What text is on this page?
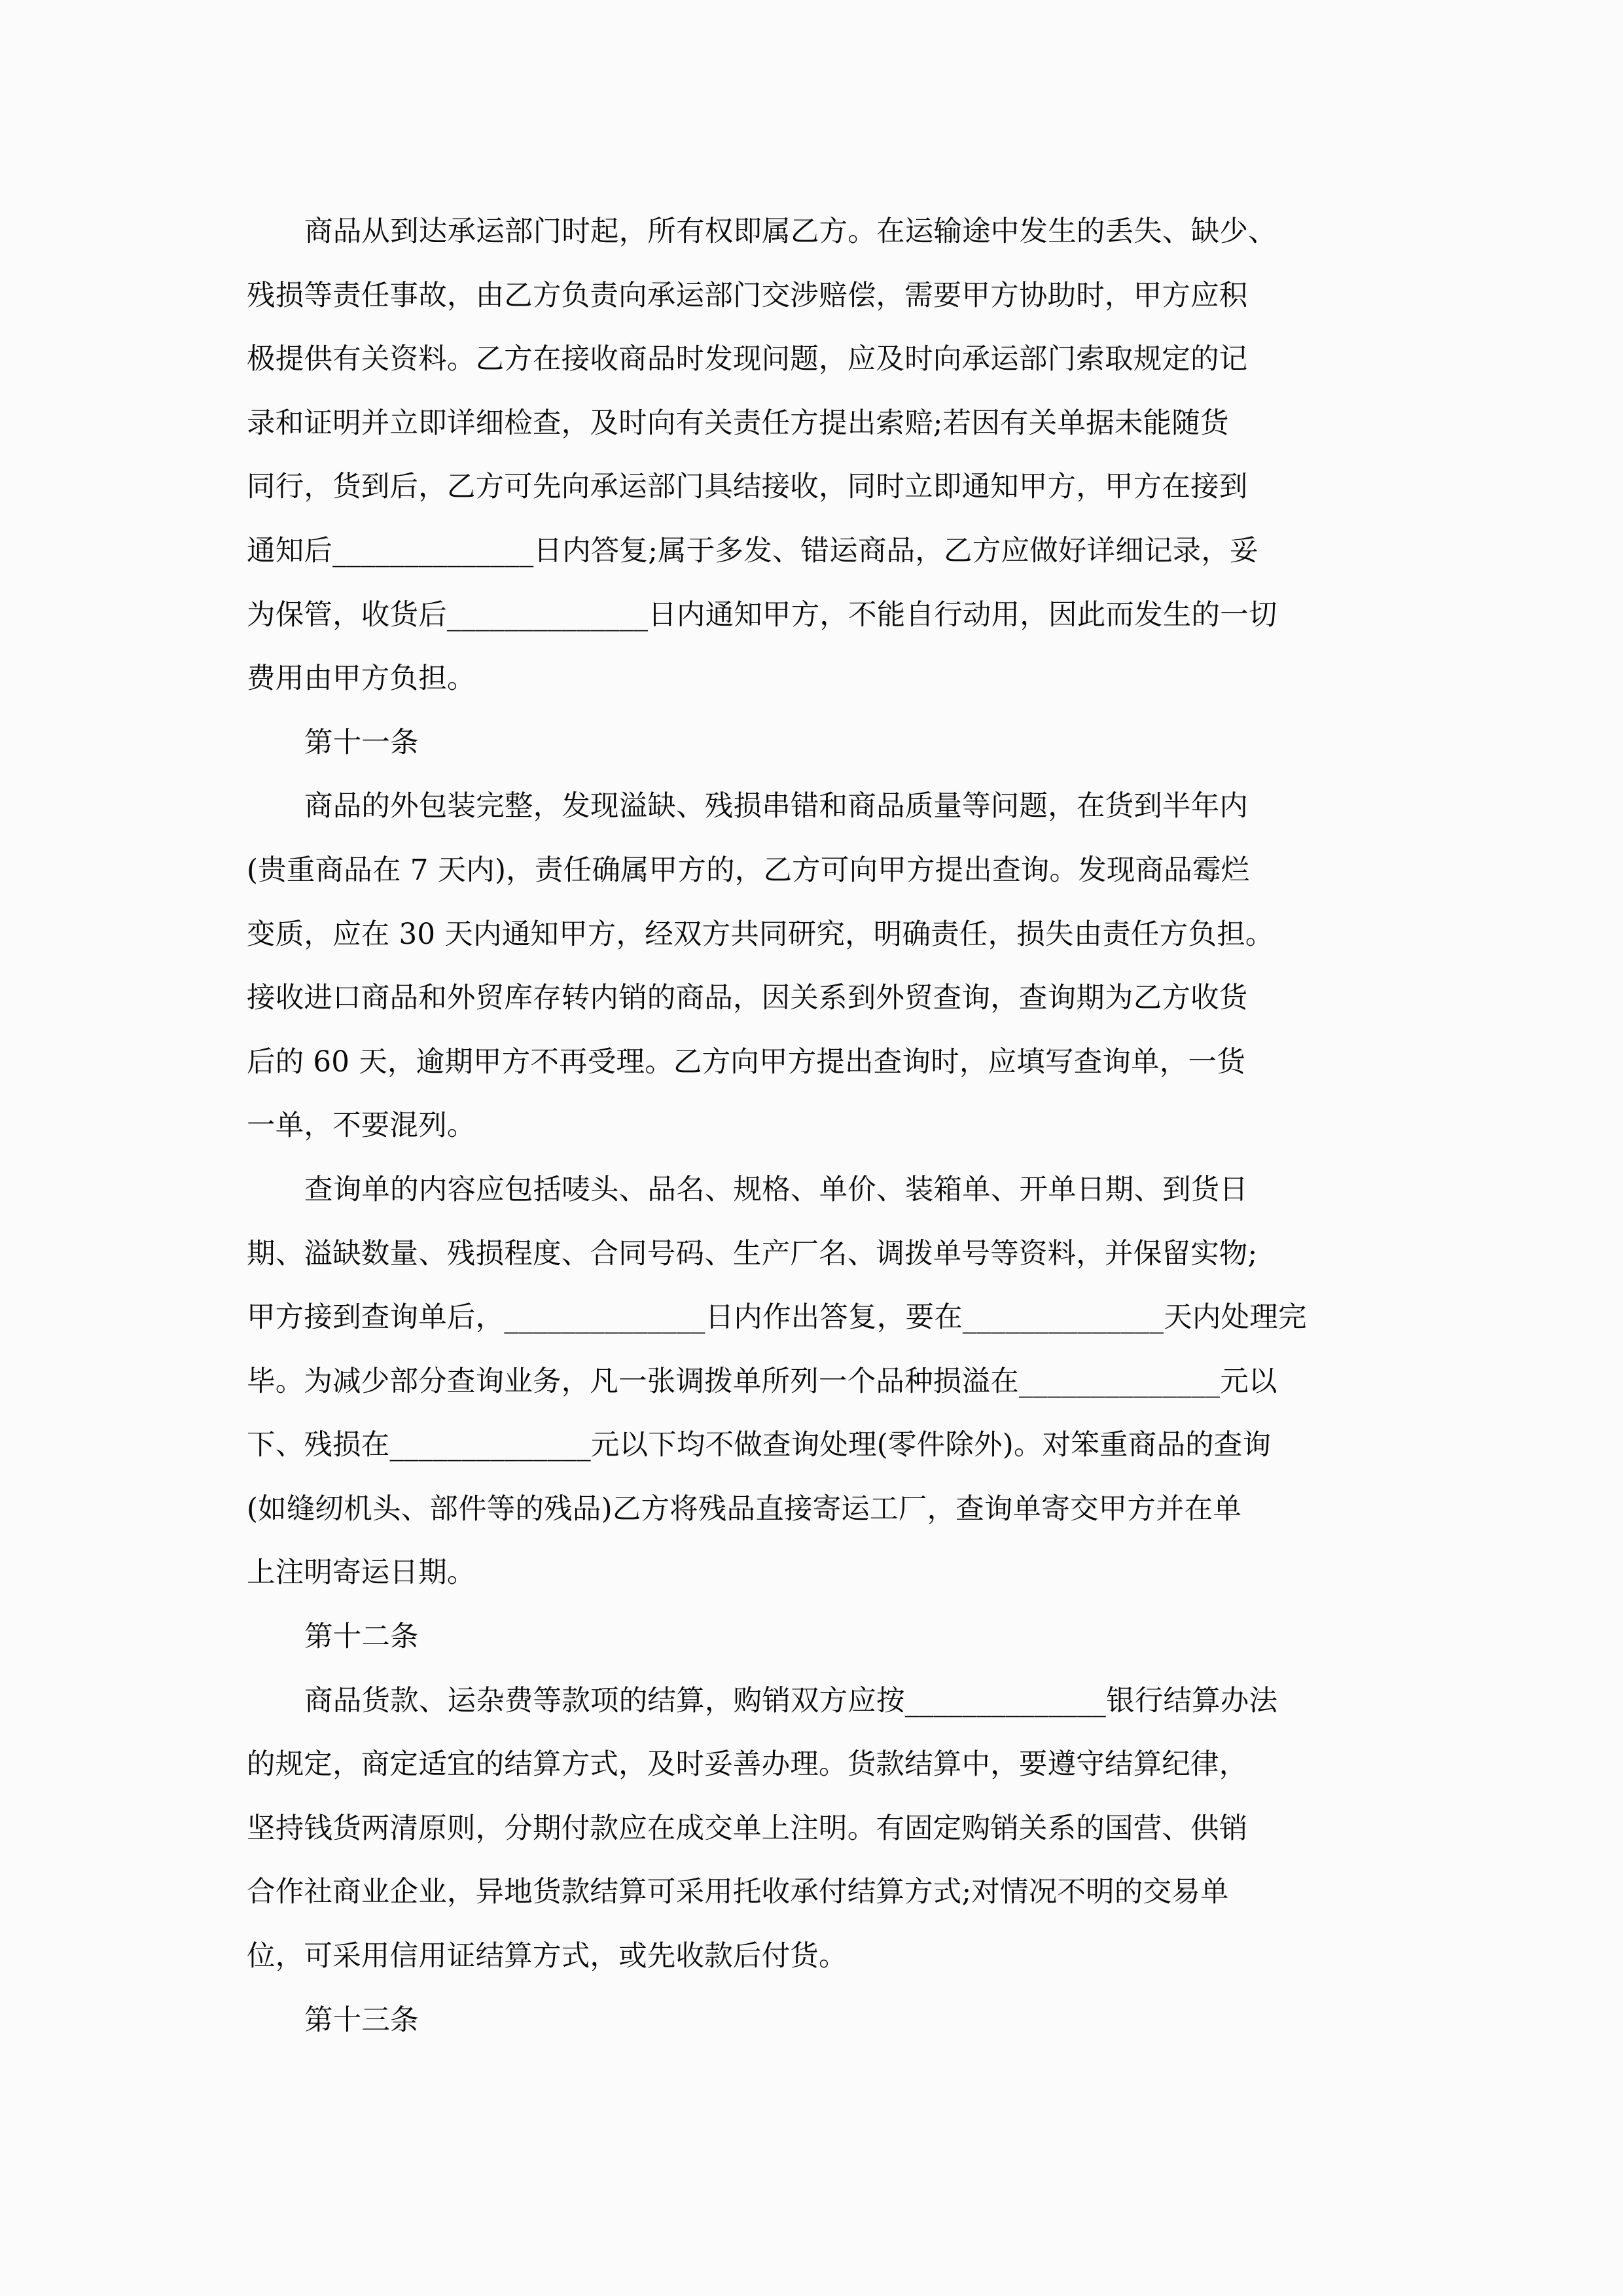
商品从到达承运部门时起，所有权即属乙方。在运输途中发生的丢失、缺少、
残损等责任事故，由乙方负责向承运部门交涉赔偿，需要甲方协助时，甲方应积
极提供有关资料。乙方在接收商品时发现问题，应及时向承运部门索取规定的记
录和证明并立即详细检查，及时向有关责任方提出索赔;若因有关单据未能随货
同行，货到后，乙方可先向承运部门具结接收，同时立即通知甲方，甲方在接到
通知后______________日内答复;属于多发、错运商品，乙方应做好详细记录，妥
为保管，收货后______________日内通知甲方，不能自行动用，因此而发生的一切
费用由甲方负担。
第十一条
商品的外包装完整，发现溢缺、残损串错和商品质量等问题，在货到半年内
(贵重商品在 7 天内)，责任确属甲方的，乙方可向甲方提出查询。发现商品霉烂
变质，应在 30 天内通知甲方，经双方共同研究，明确责任，损失由责任方负担。
接收进口商品和外贸库存转内销的商品，因关系到外贸查询，查询期为乙方收货
后的 60 天，逾期甲方不再受理。乙方向甲方提出查询时，应填写查询单，一货
一单，不要混列。
查询单的内容应包括唛头、品名、规格、单价、装箱单、开单日期、到货日
期、溢缺数量、残损程度、合同号码、生产厂名、调拨单号等资料，并保留实物;
甲方接到查询单后，______________日内作出答复，要在______________天内处理完
毕。为减少部分查询业务，凡一张调拨单所列一个品种损溢在______________元以
下、残损在______________元以下均不做查询处理(零件除外)。对笨重商品的查询
(如缝纫机头、部件等的残品)乙方将残品直接寄运工厂，查询单寄交甲方并在单
上注明寄运日期。
第十二条
商品货款、运杂费等款项的结算，购销双方应按______________银行结算办法
的规定，商定适宜的结算方式，及时妥善办理。货款结算中，要遵守结算纪律，
坚持钱货两清原则，分期付款应在成交单上注明。有固定购销关系的国营、供销
合作社商业企业，异地货款结算可采用托收承付结算方式;对情况不明的交易单
位，可采用信用证结算方式，或先收款后付货。
第十三条
